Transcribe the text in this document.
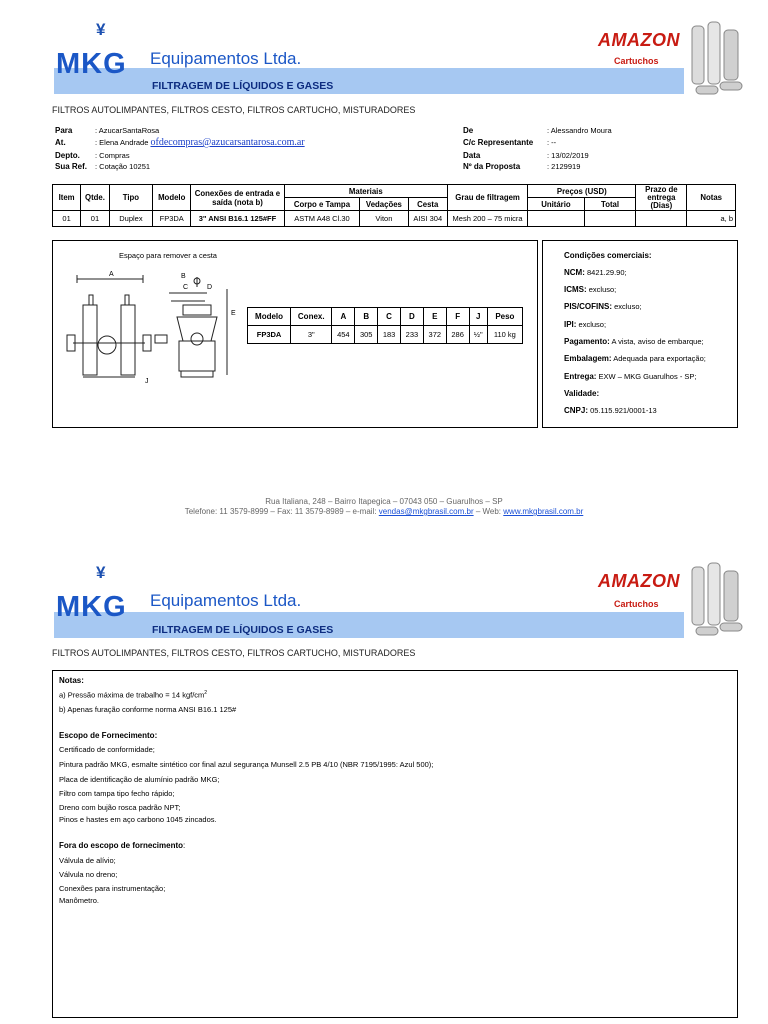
¥
MKG Equipamentos Ltda.
FILTRAGEM DE LÍQUIDOS E GASES
AMAZON
Cartuchos
FILTROS AUTOLIMPANTES, FILTROS CESTO, FILTROS CARTUCHO, MISTURADORES
Para	: AzucarSantaRosa
At.	: Elena Andrade ofdecompras@azucarsantarosa.com.ar
Depto. : Compras
Sua Ref. : Cotação 10251
De	: Alessandro Moura
C/c Representante : --
Data	: 13/02/2019
Nº da Proposta	: 2129919
Item	Qtde.	Tipo	Modelo	Conexões de entrada e saída (nota b)	Materiais			Grau de filtragem	Preços (USD)		Prazo de entrega (Dias)	Notas
					Corpo e Tampa	Vedações	Cesta		Unitário	Total		
01	01	Duplex	FP3DA	3" ANSI B16.1 125#FF	ASTM A48 Cl.30	Viton	AISI 304	Mesh 200 – 75 micra				a, b
Espaço para remover a cesta
A	B
C	D
E
J
Modelo	Conex.	A	B	C	D	E	F	J	Peso
FP3DA	3"	454	305	183	233	372	286	½"	110 kg
Condições comerciais:
NCM: 8421.29.90;
ICMS: excluso;
PIS/COFINS: excluso;
IPI: excluso;
Pagamento: A vista, aviso de embarque;
Embalagem: Adequada para exportação;
Entrega: EXW – MKG Guarulhos - SP;
Validade:
CNPJ: 05.115.921/0001-13
Rua Italiana, 248 – Bairro Itapegica – 07043 050 – Guarulhos – SP
Telefone: 11 3579-8999 – Fax: 11 3579-8989 – e-mail: vendas@mkgbrasil.com.br – Web: www.mkgbrasil.com.br
¥
MKG Equipamentos Ltda.
FILTRAGEM DE LÍQUIDOS E GASES
AMAZON
Cartuchos
FILTROS AUTOLIMPANTES, FILTROS CESTO, FILTROS CARTUCHO, MISTURADORES
Notas:
a) Pressão máxima de trabalho = 14 kgf/$cm^2$
b) Apenas furação conforme norma ANSI B16.1 125#
Escopo de Fornecimento:
Certificado de conformidade;
Pintura padrão MKG, esmalte sintético cor final azul segurança Munsell 2.5 PB 4/10 (NBR 7195/1995: Azul 500);
Placa de identificação de alumínio padrão MKG;
Filtro com tampa tipo fecho rápido;
Dreno com bujão rosca padrão NPT;
Pinos e hastes em aço carbono 1045 zincados.
Fora do escopo de fornecimento:
Válvula de alívio;
Válvula no dreno;
Conexões para instrumentação;
Manômetro.
